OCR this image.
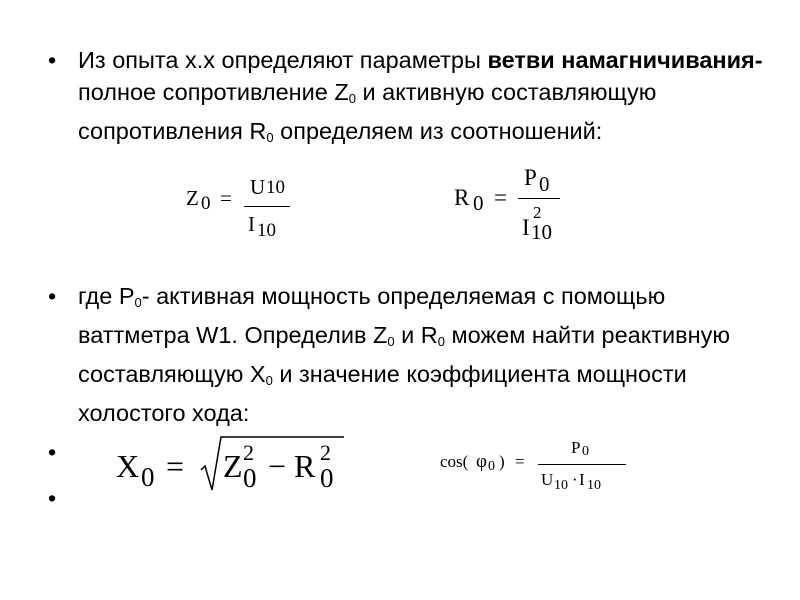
• Из опыта х.х определяют параметры ветви намагничивания- полное сопротивление $Z_0$ и активную составляющую сопротивления $R_0$ определяем из соотношений:
Z 0 = U 10
I 10
R 0 =
P 0
I
2
10
• где $P_0-$ активная мощность определяемая с помощью ваттметра W1. Определив $Z_0$ и $R_0$ можем найти реактивную составляющую $X_0$ и значение коэффициента мощности холостого хода:
•
•
X 0 = Z 2
0 − R 2
0
cos( φ 0 ) =
P 0
U 10 · I 10
